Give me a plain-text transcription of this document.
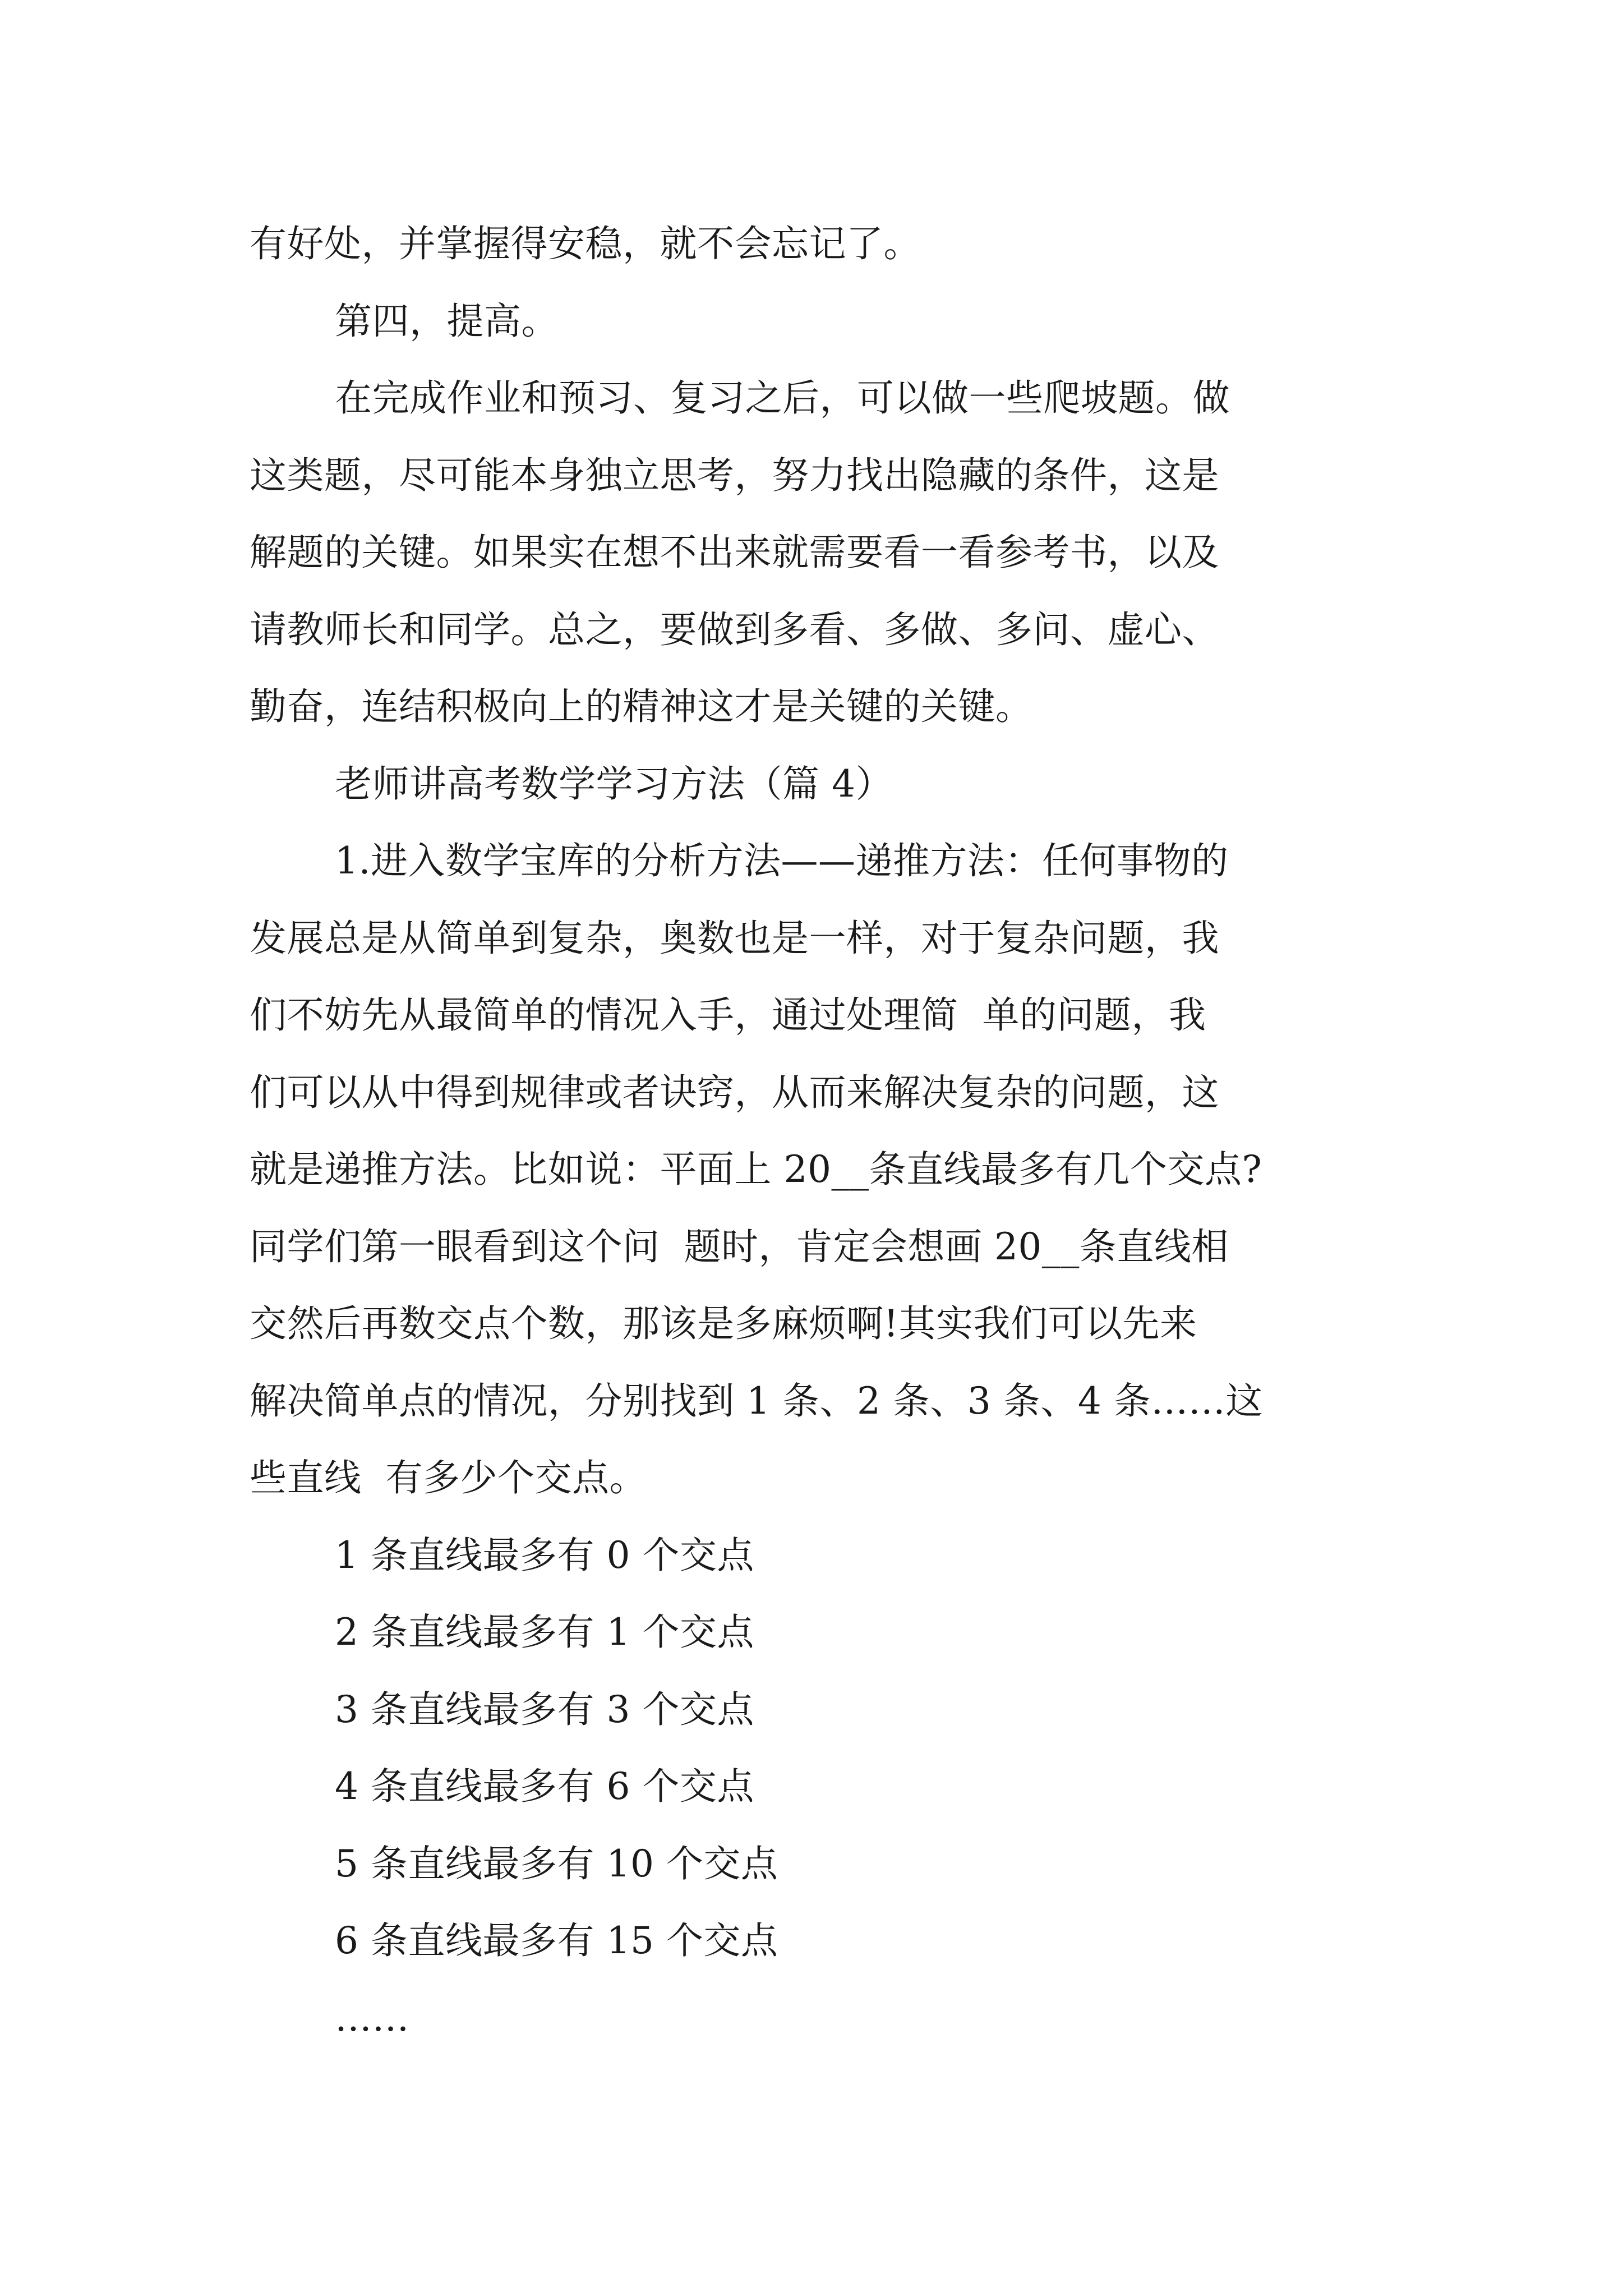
有好处，并掌握得安稳，就不会忘记了。
第四，提高。
在完成作业和预习、复习之后，可以做一些爬坡题。做
这类题，尽可能本身独立思考，努力找出隐藏的条件，这是
解题的关键。如果实在想不出来就需要看一看参考书，以及
请教师长和同学。总之，要做到多看、多做、多问、虚心、
勤奋，连结积极向上的精神这才是关键的关键。
老师讲高考数学学习方法（篇 4）
1.进入数学宝库的分析方法——递推方法：任何事物的
发展总是从简单到复杂，奥数也是一样，对于复杂问题，我
们不妨先从最简单的情况入手，通过处理简  单的问题，我
们可以从中得到规律或者诀窍，从而来解决复杂的问题，这
就是递推方法。比如说：平面上 20__条直线最多有几个交点?
同学们第一眼看到这个问  题时，肯定会想画 20__条直线相
交然后再数交点个数，那该是多麻烦啊!其实我们可以先来
解决简单点的情况，分别找到 1 条、2 条、3 条、4 条……这
些直线  有多少个交点。
1 条直线最多有 0 个交点
2 条直线最多有 1 个交点
3 条直线最多有 3 个交点
4 条直线最多有 6 个交点
5 条直线最多有 10 个交点
6 条直线最多有 15 个交点
……
